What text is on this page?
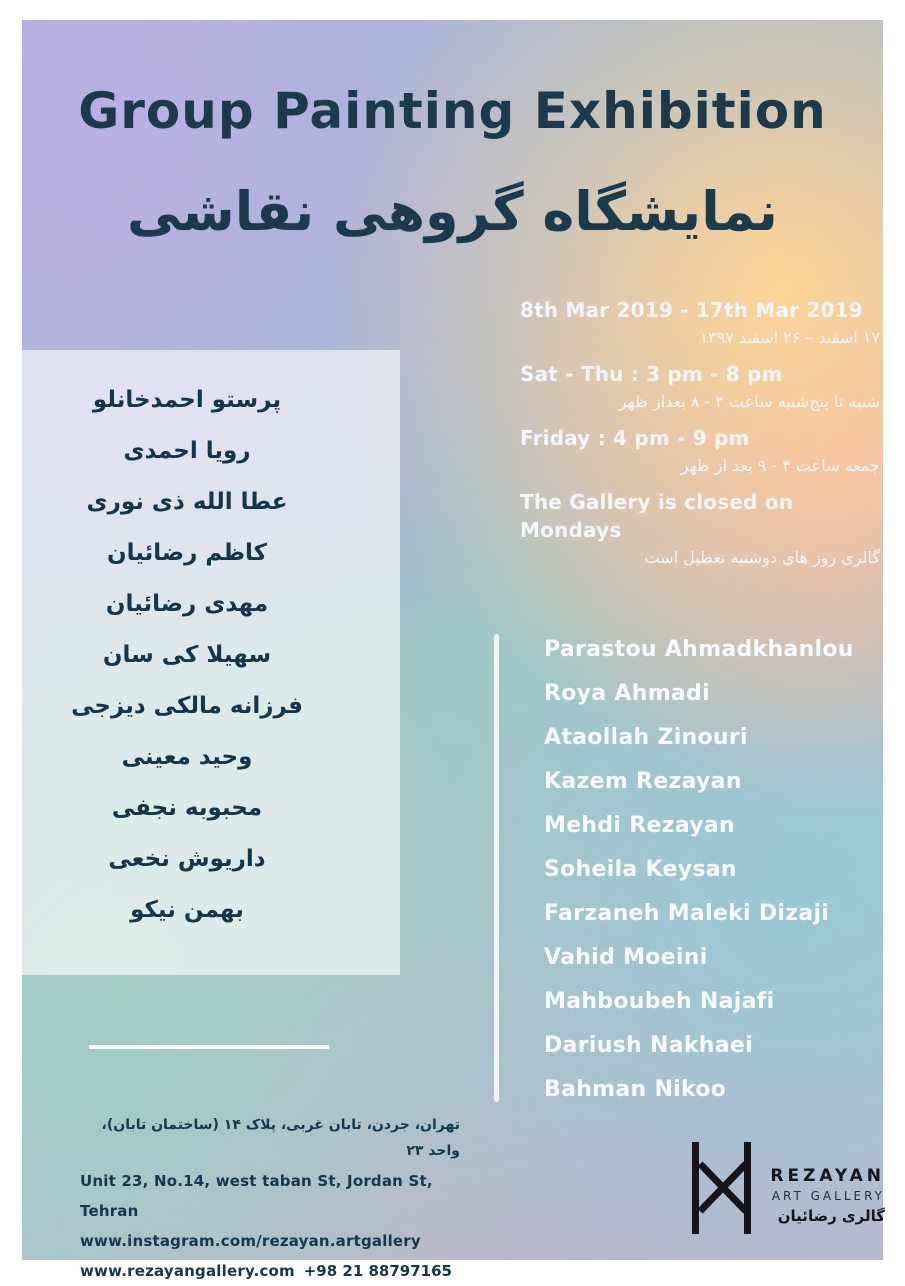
Group Painting Exhibition
نمایشگاه گروهی نقاشی
پرستو احمدخانلو
رویا احمدی
عطا الله ذی نوری
کاظم رضائیان
مهدی رضائیان
سهیلا کی سان
فرزانه مالکی دیزجی
وحید معینی
محبوبه نجفی
داریوش نخعی
بهمن نیکو
8th Mar 2019 - 17th Mar 2019
۱۷ اسفند – ۲۶ اسفند ۱۳۹۷
Sat - Thu : 3 pm - 8 pm
شنبه تا پنج‌شنبه ساعت ۳ - ۸ بعداز ظهر
Friday : 4 pm - 9 pm
جمعه ساعت ۴ - ۹ بعد از ظهر
The Gallery is closed on Mondays
گالری روز های دوشنبه تعطیل است
Parastou Ahmadkhanlou
Roya Ahmadi
Ataollah Zinouri
Kazem Rezayan
Mehdi Rezayan
Soheila Keysan
Farzaneh Maleki Dizaji
Vahid Moeini
Mahboubeh Najafi
Dariush Nakhaei
Bahman Nikoo
تهران، جردن، تابان غربی، پلاک ۱۴ (ساختمان تابان)، واحد ۲۳
Unit 23, No.14, west taban St, Jordan St, Tehran
www.instagram.com/rezayan.artgallery
www.rezayangallery.com +98 21 88797165
REZAYAN
ART GALLERY
گالری رضائیان
